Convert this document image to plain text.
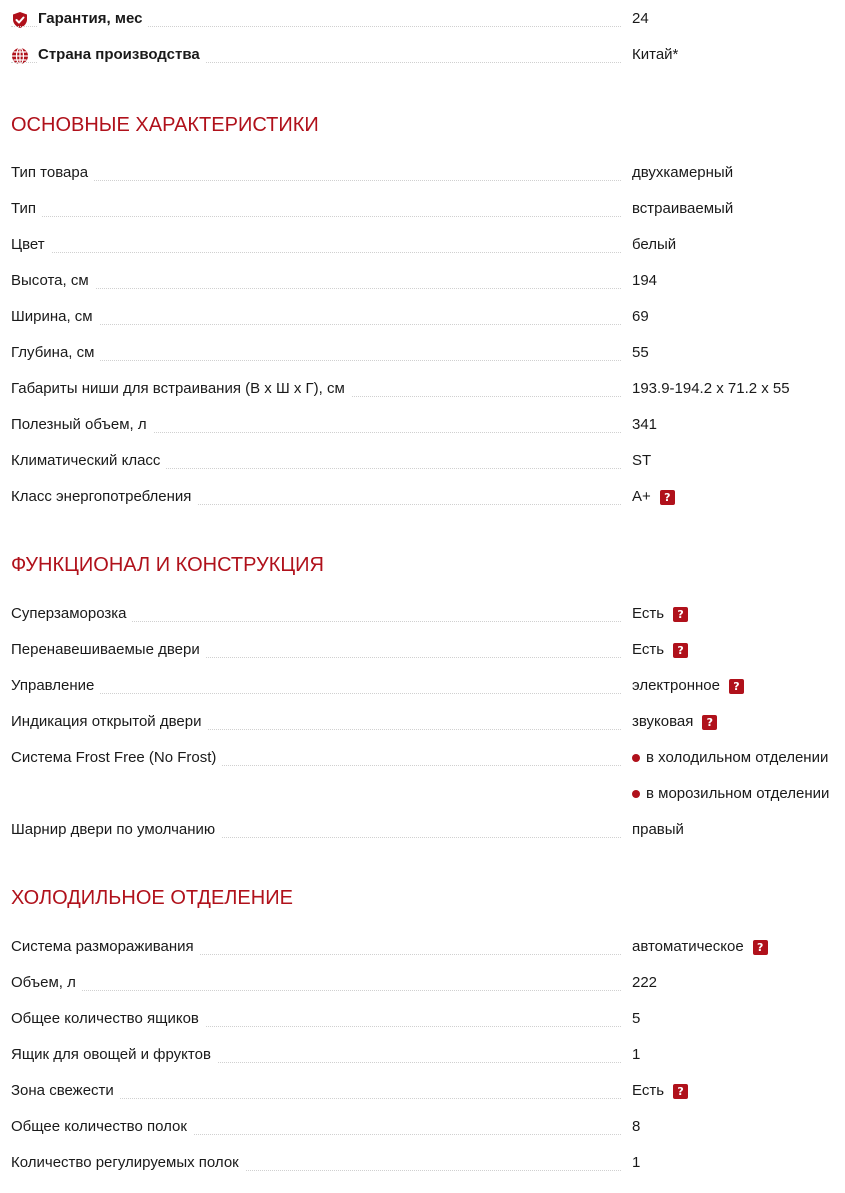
Гарантия, мес	24
Страна производства	Китай*
ОСНОВНЫЕ ХАРАКТЕРИСТИКИ
Тип товара	двухкамерный
Тип	встраиваемый
Цвет	белый
Высота, см	194
Ширина, см	69
Глубина, см	55
Габариты ниши для встраивания (В х Ш х Г), см	193.9-194.2 x 71.2 x 55
Полезный объем, л	341
Климатический класс	ST
Класс энергопотребления	A+	?
ФУНКЦИОНАЛ И КОНСТРУКЦИЯ
Суперзаморозка	Есть	?
Перенавешиваемые двери	Есть	?
Управление	электронное	?
Индикация открытой двери	звуковая	?
Система Frost Free (No Frost)	в холодильном отделении
в морозильном отделении
Шарнир двери по умолчанию	правый
ХОЛОДИЛЬНОЕ ОТДЕЛЕНИЕ
Система размораживания	автоматическое	?
Объем, л	222
Общее количество ящиков	5
Ящик для овощей и фруктов	1
Зона свежести	Есть	?
Общее количество полок	8
Количество регулируемых полок	1
